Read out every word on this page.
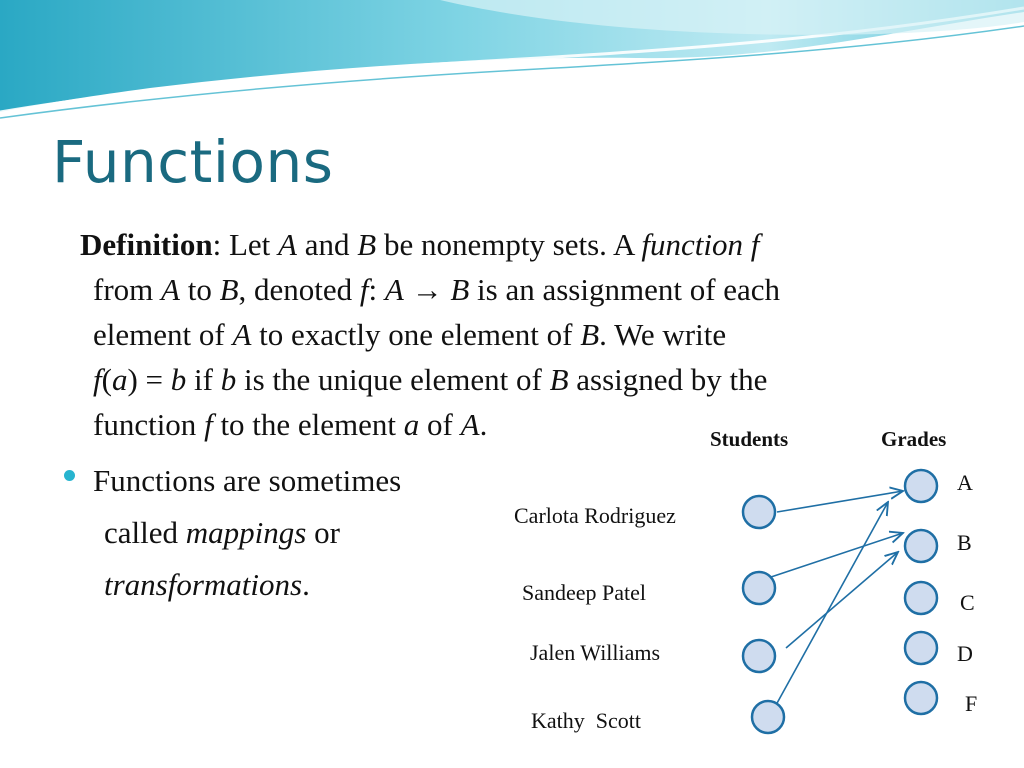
Functions
Definition: Let A and B be nonempty sets. A function f
from A to B, denoted f: A → B is an assignment of each
element of A to exactly one element of B. We write
f(a) = b if b is the unique element of B assigned by the
function f to the element a of A.
Functions are sometimes
called mappings or
transformations.
Students	Grades
Carlota Rodriguez
Sandeep Patel
Jalen Williams
Kathy  Scott
A
B
C
D
F
